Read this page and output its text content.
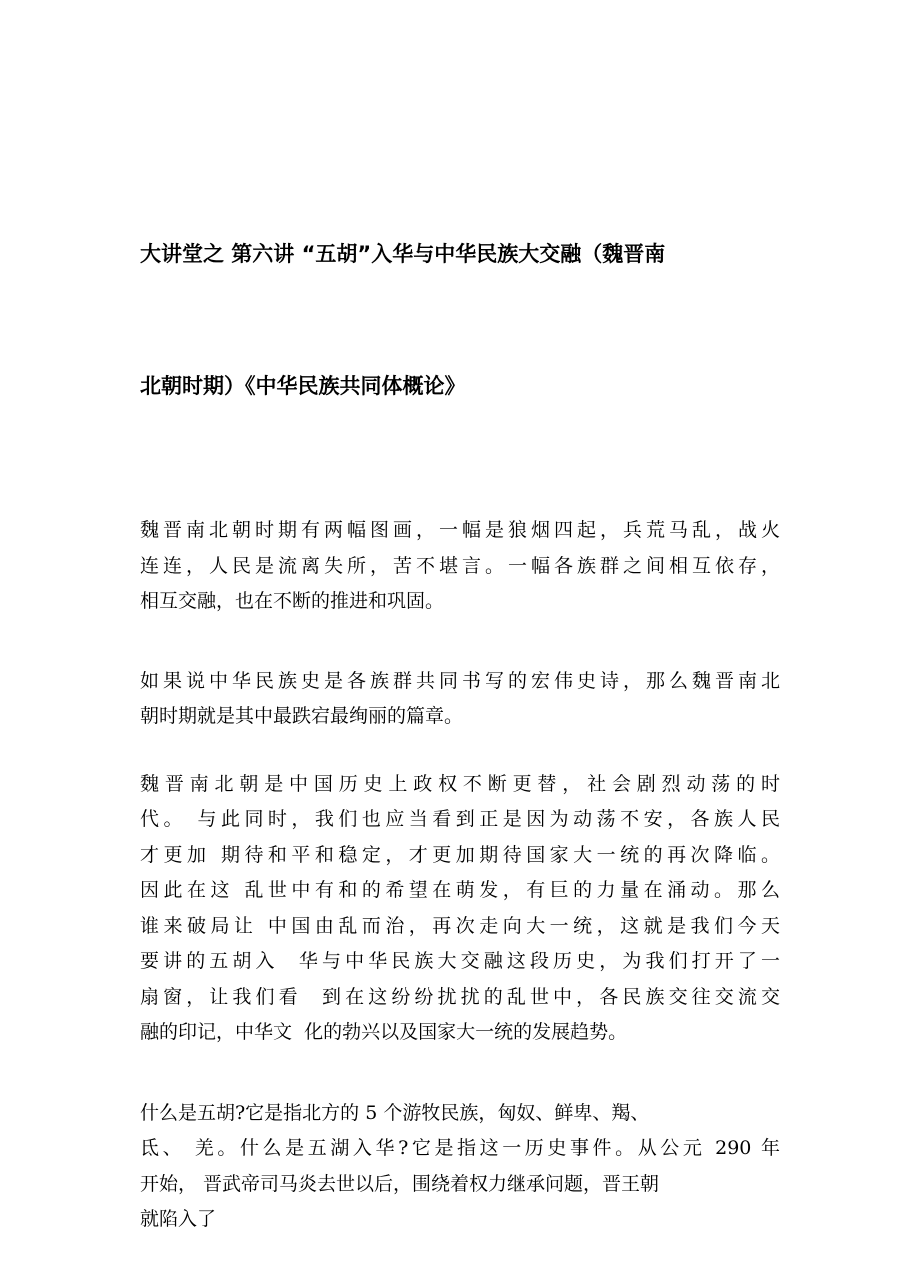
大讲堂之 第六讲 “五胡”入华与中华民族大交融（魏晋南

北朝时期）《中华民族共同体概论》

魏晋南北朝时期有两幅图画，一幅是狼烟四起，兵荒马乱，战火
连连，人民是流离失所，苦不堪言。一幅各族群之间相互依存，
相互交融，也在不断的推进和巩固。
如果说中华民族史是各族群共同书写的宏伟史诗，那么魏晋南北
朝时期就是其中最跌宕最绚丽的篇章。
魏晋南北朝是中国历史上政权不断更替，社会剧烈动荡的时
代。 与此同时，我们也应当看到正是因为动荡不安，各族人民
才更加 期待和平和稳定，才更加期待国家大一统的再次降临。
因此在这 乱世中有和的希望在萌发，有巨的力量在涌动。那么
谁来破局让 中国由乱而治，再次走向大一统，这就是我们今天
要讲的五胡入  华与中华民族大交融这段历史，为我们打开了一
扇窗，让我们看  到在这纷纷扰扰的乱世中，各民族交往交流交
融的印记，中华文  化的勃兴以及国家大一统的发展趋势。
什么是五胡?它是指北方的 5 个游牧民族，匈奴、鲜卑、羯、
氐、 羌。什么是五湖入华?它是指这一历史事件。从公元 290 年
开始， 晋武帝司马炎去世以后，围绕着权力继承问题，晋王朝
就陷入了
